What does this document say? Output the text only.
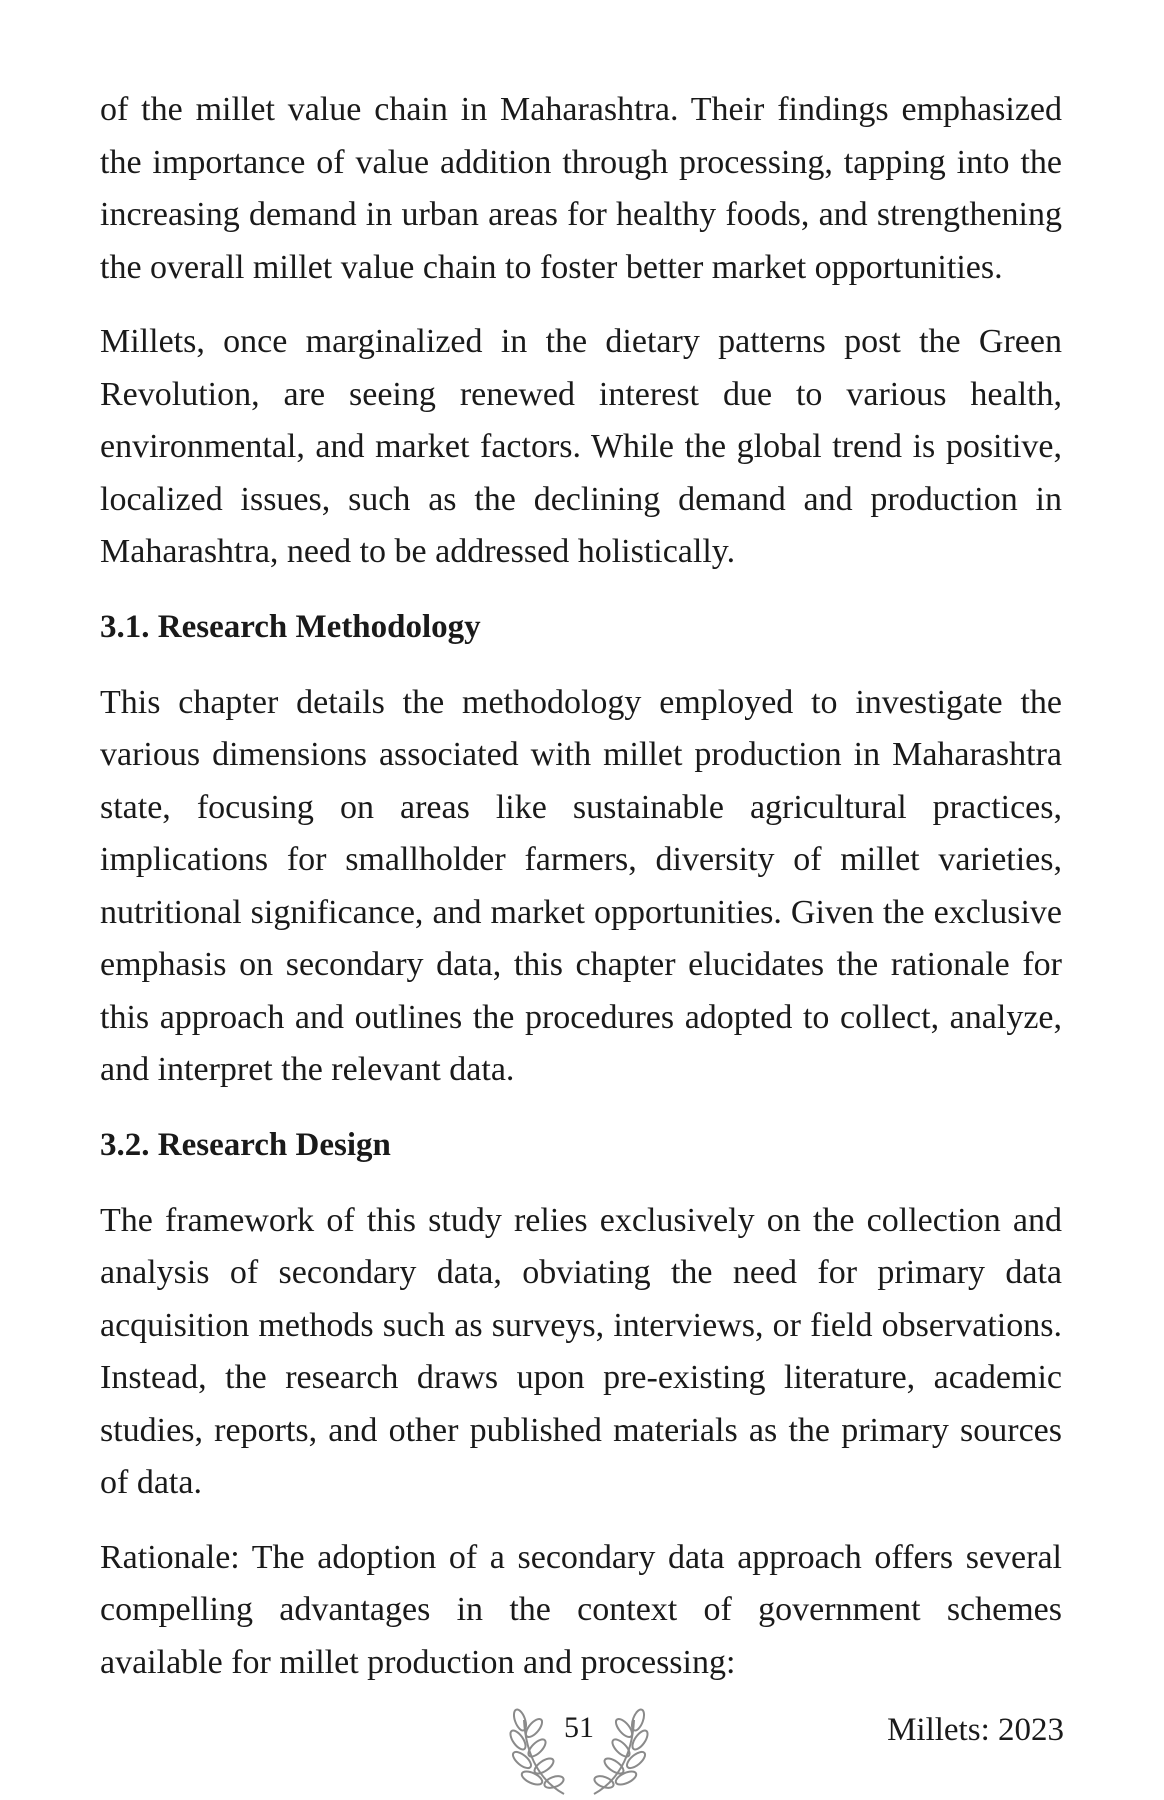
of the millet value chain in Maharashtra. Their findings emphasized the importance of value addition through processing, tapping into the increasing demand in urban areas for healthy foods, and strengthening the overall millet value chain to foster better market opportunities.

Millets, once marginalized in the dietary patterns post the Green Revolution, are seeing renewed interest due to various health, environmental, and market factors. While the global trend is positive, localized issues, such as the declining demand and production in Maharashtra, need to be addressed holistically.

3.1. Research Methodology

This chapter details the methodology employed to investigate the various dimensions associated with millet production in Maharashtra state, focusing on areas like sustainable agricultural practices, implications for smallholder farmers, diversity of millet varieties, nutritional significance, and market opportunities. Given the exclusive emphasis on secondary data, this chapter elucidates the rationale for this approach and outlines the procedures adopted to collect, analyze, and interpret the relevant data.

3.2. Research Design

The framework of this study relies exclusively on the collection and analysis of secondary data, obviating the need for primary data acquisition methods such as surveys, interviews, or field observations. Instead, the research draws upon pre-existing literature, academic studies, reports, and other published materials as the primary sources of data.

Rationale: The adoption of a secondary data approach offers several compelling advantages in the context of government schemes available for millet production and processing:

51	Millets: 2023
